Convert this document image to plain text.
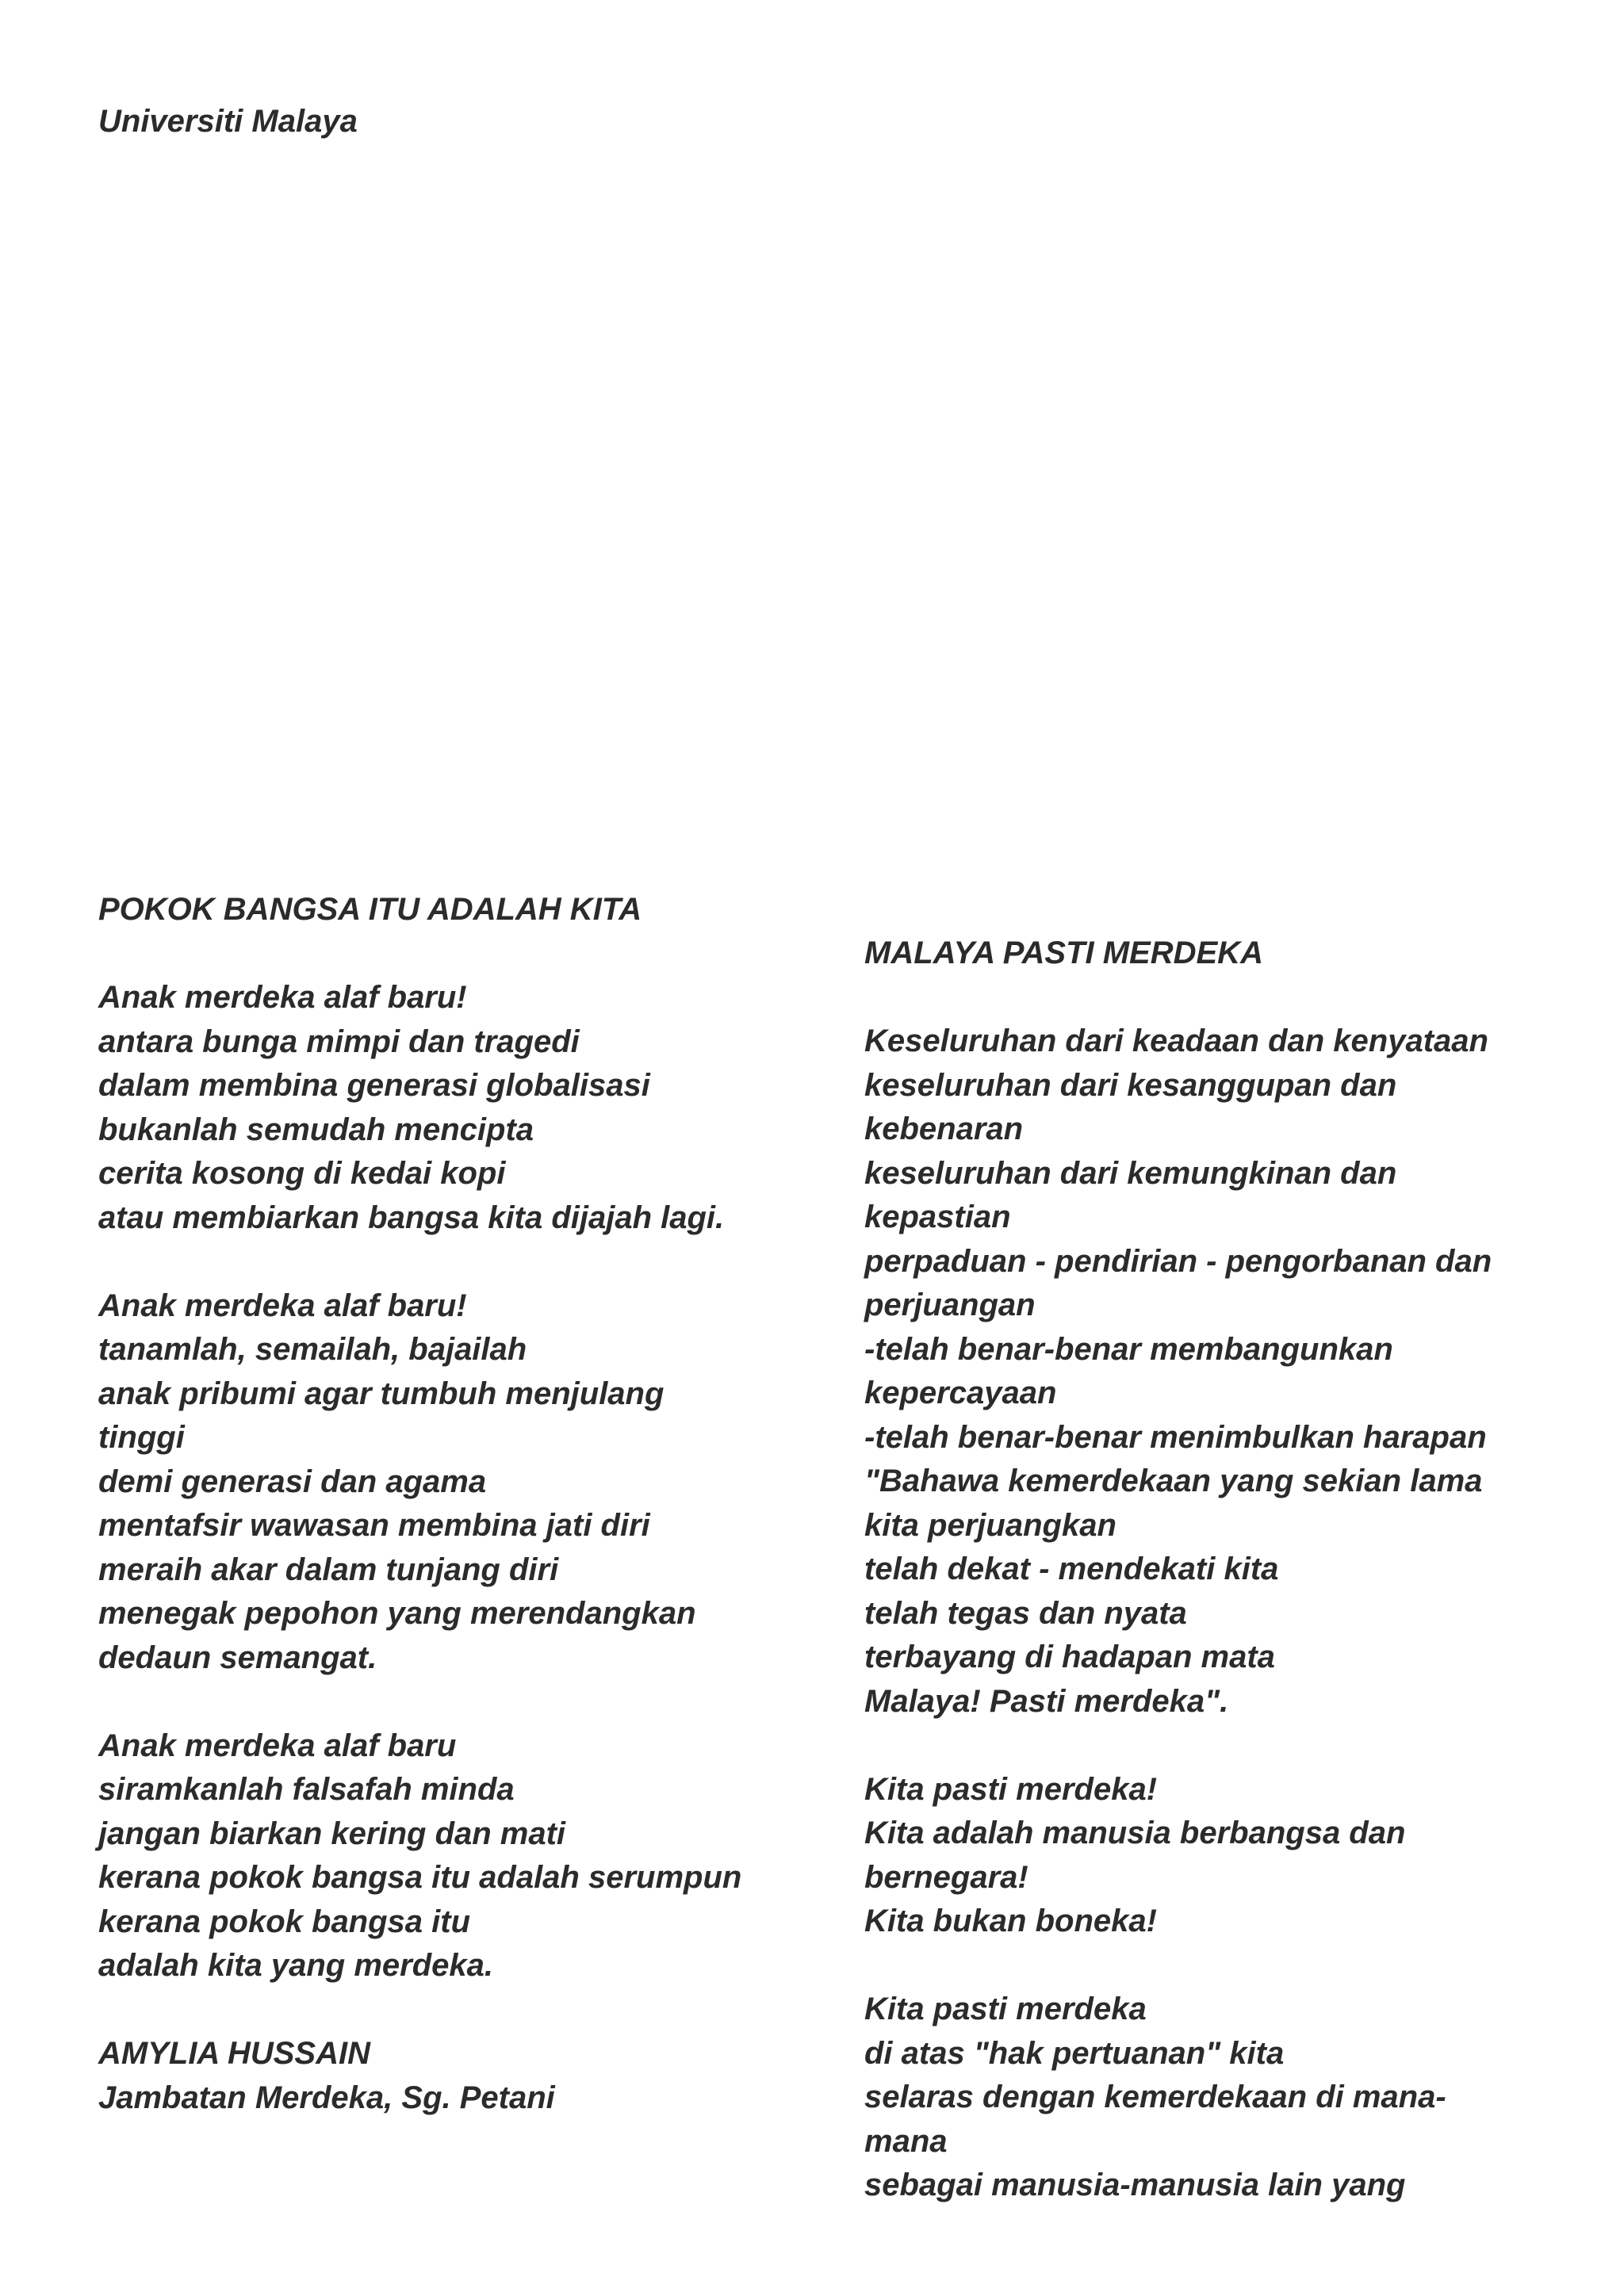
Universiti Malaya

POKOK BANGSA ITU ADALAH KITA

Anak merdeka alaf baru!
antara bunga mimpi dan tragedi
dalam membina generasi globalisasi
bukanlah semudah mencipta
cerita kosong di kedai kopi
atau membiarkan bangsa kita dijajah lagi.

Anak merdeka alaf baru!
tanamlah, semailah, bajailah
anak pribumi agar tumbuh menjulang
tinggi
demi generasi dan agama
mentafsir wawasan membina jati diri
meraih akar dalam tunjang diri
menegak pepohon yang merendangkan
dedaun semangat.

Anak merdeka alaf baru
siramkanlah falsafah minda
jangan biarkan kering dan mati
kerana pokok bangsa itu adalah serumpun
kerana pokok bangsa itu
adalah kita yang merdeka.

AMYLIA HUSSAIN
Jambatan Merdeka, Sg. Petani

MALAYA PASTI MERDEKA

Keseluruhan dari keadaan dan kenyataan
keseluruhan dari kesanggupan dan
kebenaran
keseluruhan dari kemungkinan dan
kepastian
perpaduan - pendirian - pengorbanan dan
perjuangan
-telah benar-benar membangunkan
kepercayaan
-telah benar-benar menimbulkan harapan
"Bahawa kemerdekaan yang sekian lama
kita perjuangkan
telah dekat - mendekati kita
telah tegas dan nyata
terbayang di hadapan mata
Malaya! Pasti merdeka".

Kita pasti merdeka!
Kita adalah manusia berbangsa dan
bernegara!
Kita bukan boneka!

Kita pasti merdeka
di atas "hak pertuanan" kita
selaras dengan kemerdekaan di mana-
mana
sebagai manusia-manusia lain yang
